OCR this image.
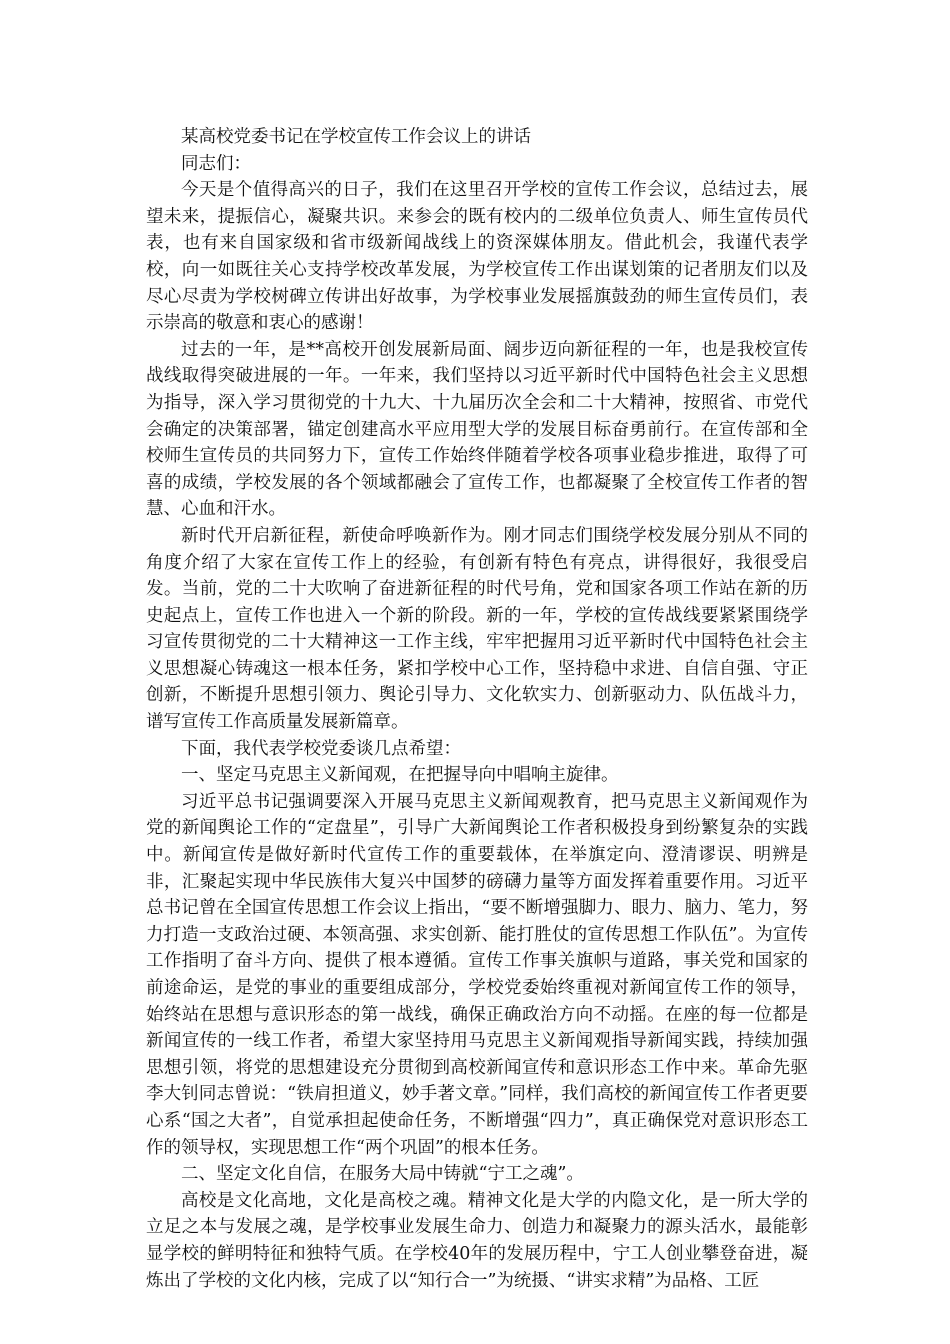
某高校党委书记在学校宣传工作会议上的讲话

同志们：

今天是个值得高兴的日子，我们在这里召开学校的宣传工作会议，总结过去，展望未来，提振信心，凝聚共识。来参会的既有校内的二级单位负责人、师生宣传员代表，也有来自国家级和省市级新闻战线上的资深媒体朋友。借此机会，我谨代表学校，向一如既往关心支持学校改革发展，为学校宣传工作出谋划策的记者朋友们以及尽心尽责为学校树碑立传讲出好故事，为学校事业发展摇旗鼓劲的师生宣传员们，表示崇高的敬意和衷心的感谢！

过去的一年，是**高校开创发展新局面、阔步迈向新征程的一年，也是我校宣传战线取得突破进展的一年。一年来，我们坚持以习近平新时代中国特色社会主义思想为指导，深入学习贯彻党的十九大、十九届历次全会和二十大精神，按照省、市党代会确定的决策部署，锚定创建高水平应用型大学的发展目标奋勇前行。在宣传部和全校师生宣传员的共同努力下，宣传工作始终伴随着学校各项事业稳步推进，取得了可喜的成绩，学校发展的各个领域都融会了宣传工作，也都凝聚了全校宣传工作者的智慧、心血和汗水。

新时代开启新征程，新使命呼唤新作为。刚才同志们围绕学校发展分别从不同的角度介绍了大家在宣传工作上的经验，有创新有特色有亮点，讲得很好，我很受启发。当前，党的二十大吹响了奋进新征程的时代号角，党和国家各项工作站在新的历史起点上，宣传工作也进入一个新的阶段。新的一年，学校的宣传战线要紧紧围绕学习宣传贯彻党的二十大精神这一工作主线，牢牢把握用习近平新时代中国特色社会主义思想凝心铸魂这一根本任务，紧扣学校中心工作，坚持稳中求进、自信自强、守正创新，不断提升思想引领力、舆论引导力、文化软实力、创新驱动力、队伍战斗力，谱写宣传工作高质量发展新篇章。

下面，我代表学校党委谈几点希望：

一、坚定马克思主义新闻观，在把握导向中唱响主旋律。

习近平总书记强调要深入开展马克思主义新闻观教育，把马克思主义新闻观作为党的新闻舆论工作的“定盘星”，引导广大新闻舆论工作者积极投身到纷繁复杂的实践中。新闻宣传是做好新时代宣传工作的重要载体，在举旗定向、澄清谬误、明辨是非，汇聚起实现中华民族伟大复兴中国梦的磅礴力量等方面发挥着重要作用。习近平总书记曾在全国宣传思想工作会议上指出，“要不断增强脚力、眼力、脑力、笔力，努力打造一支政治过硬、本领高强、求实创新、能打胜仗的宣传思想工作队伍”。为宣传工作指明了奋斗方向、提供了根本遵循。宣传工作事关旗帜与道路，事关党和国家的前途命运，是党的事业的重要组成部分，学校党委始终重视对新闻宣传工作的领导，始终站在思想与意识形态的第一战线，确保正确政治方向不动摇。在座的每一位都是新闻宣传的一线工作者，希望大家坚持用马克思主义新闻观指导新闻实践，持续加强思想引领，将党的思想建设充分贯彻到高校新闻宣传和意识形态工作中来。革命先驱李大钊同志曾说：“铁肩担道义，妙手著文章。”同样，我们高校的新闻宣传工作者更要心系“国之大者”，自觉承担起使命任务，不断增强“四力”，真正确保党对意识形态工作的领导权，实现思想工作“两个巩固”的根本任务。

二、坚定文化自信，在服务大局中铸就“宁工之魂”。

高校是文化高地，文化是高校之魂。精神文化是大学的内隐文化，是一所大学的立足之本与发展之魂，是学校事业发展生命力、创造力和凝聚力的源头活水，最能彰显学校的鲜明特征和独特气质。在学校40年的发展历程中，宁工人创业攀登奋进，凝炼出了学校的文化内核，完成了以“知行合一”为统摄、“讲实求精”为品格、工匠
